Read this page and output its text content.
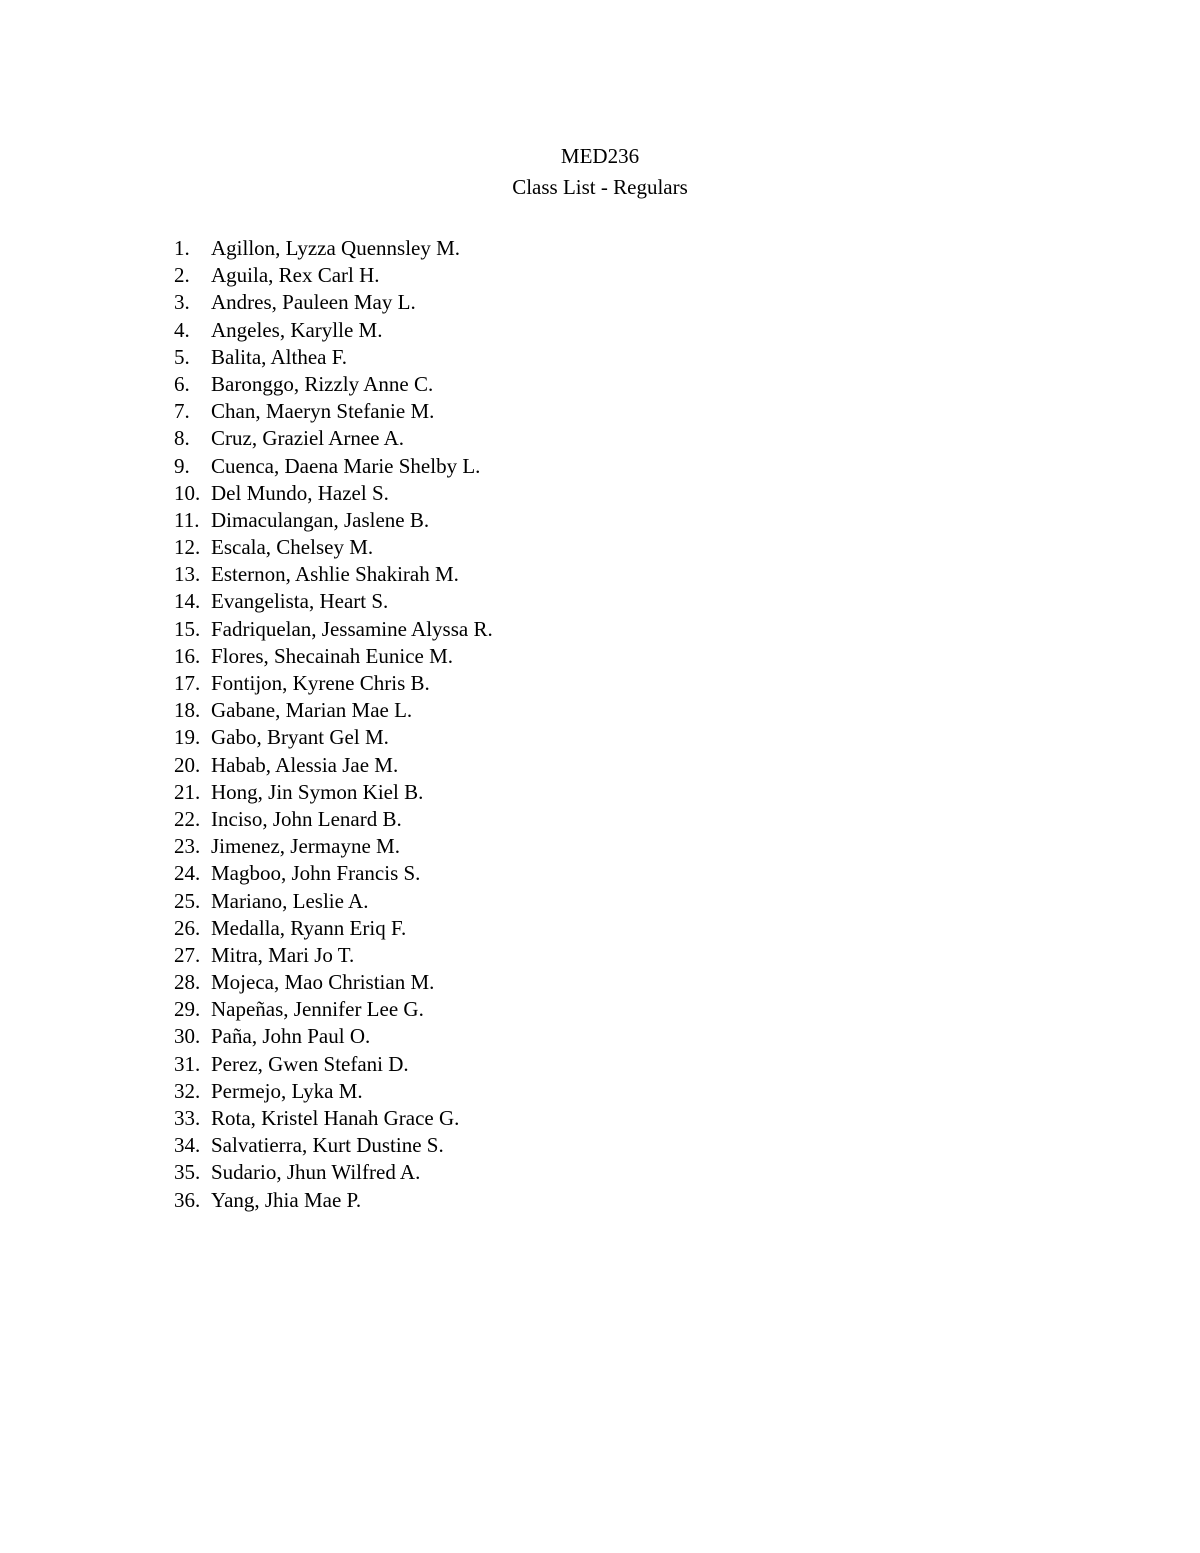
MED236
Class List - Regulars
1.	Agillon, Lyzza Quennsley M.
2.	Aguila, Rex Carl H.
3.	Andres, Pauleen May L.
4.	Angeles, Karylle M.
5.	Balita, Althea F.
6.	Baronggo, Rizzly Anne C.
7.	Chan, Maeryn Stefanie M.
8.	Cruz, Graziel Arnee A.
9.	Cuenca, Daena Marie Shelby L.
10. Del Mundo, Hazel S.
11. Dimaculangan, Jaslene B.
12. Escala, Chelsey M.
13. Esternon, Ashlie Shakirah M.
14. Evangelista, Heart S.
15. Fadriquelan, Jessamine Alyssa R.
16. Flores, Shecainah Eunice M.
17. Fontijon, Kyrene Chris B.
18. Gabane, Marian Mae L.
19. Gabo, Bryant Gel M.
20. Habab, Alessia Jae M.
21. Hong, Jin Symon Kiel B.
22. Inciso, John Lenard B.
23. Jimenez, Jermayne M.
24. Magboo, John Francis S.
25. Mariano, Leslie A.
26. Medalla, Ryann Eriq F.
27. Mitra, Mari Jo T.
28. Mojeca, Mao Christian M.
29. Napeñas, Jennifer Lee G.
30. Paña, John Paul O.
31. Perez, Gwen Stefani D.
32. Permejo, Lyka M.
33. Rota, Kristel Hanah Grace G.
34. Salvatierra, Kurt Dustine S.
35. Sudario, Jhun Wilfred A.
36. Yang, Jhia Mae P.
